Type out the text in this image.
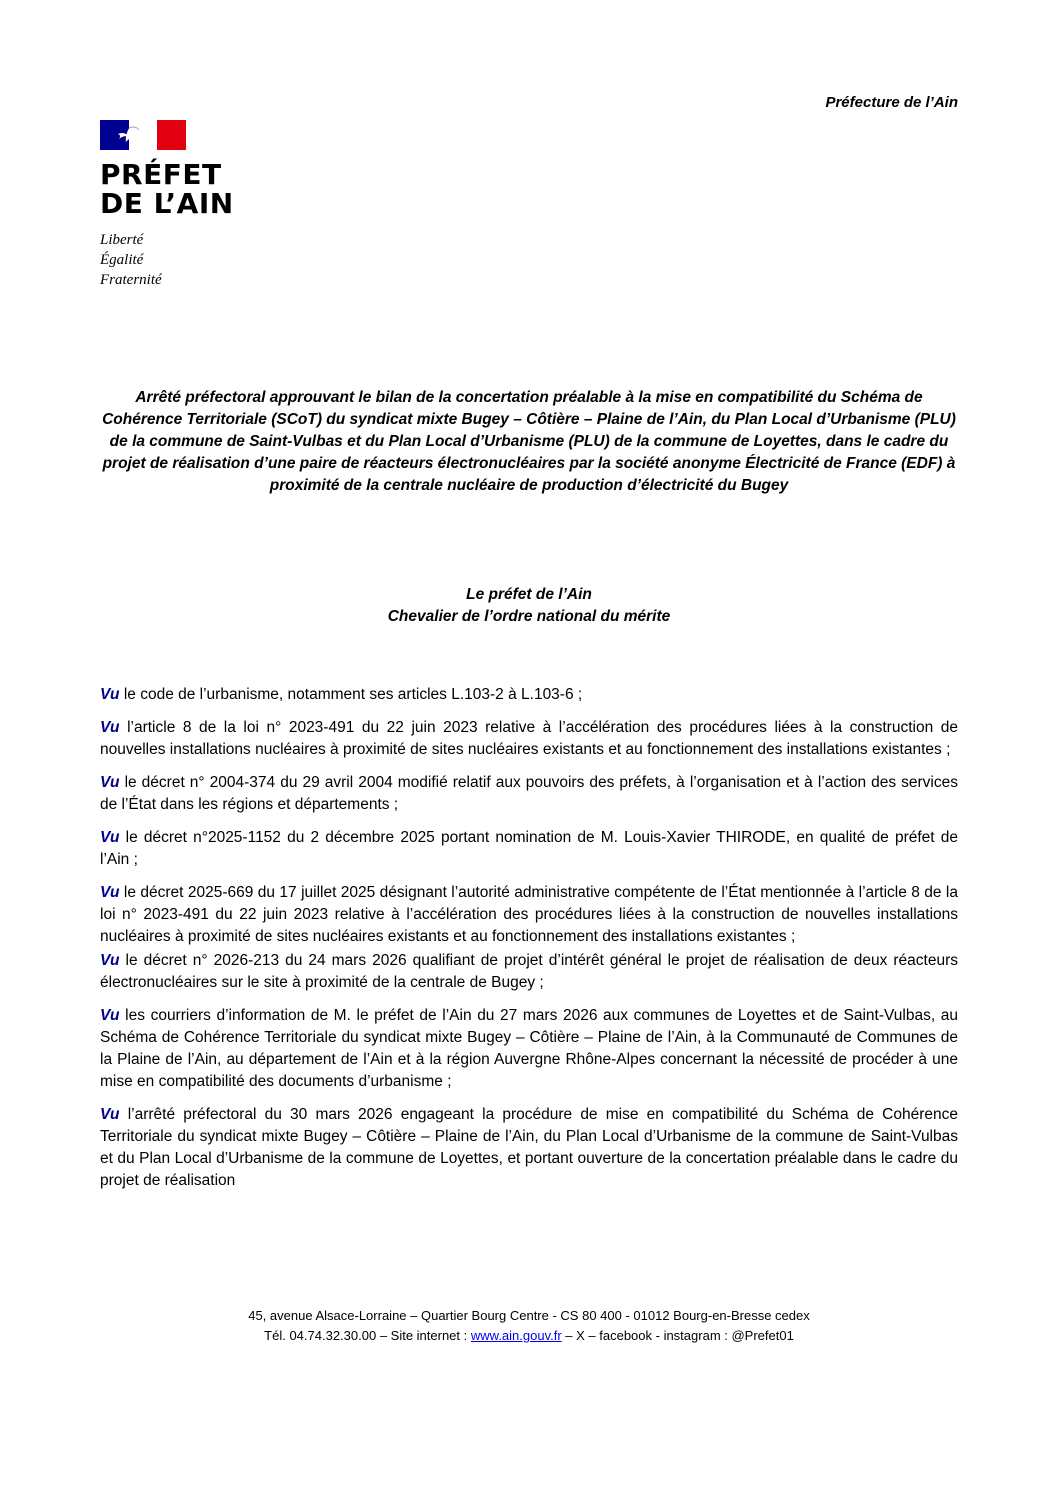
Préfecture de l’Ain
PRÉFET
DE L’AIN
Liberté
Égalité
Fraternité
Arrêté préfectoral approuvant le bilan de la concertation préalable à la mise en compatibilité du Schéma de Cohérence Territoriale (SCoT) du syndicat mixte Bugey – Côtière – Plaine de l’Ain, du Plan Local d’Urbanisme (PLU) de la commune de Saint-Vulbas et du Plan Local d’Urbanisme (PLU) de la commune de Loyettes, dans le cadre du projet de réalisation d’une paire de réacteurs électronucléaires par la société anonyme Électricité de France (EDF) à proximité de la centrale nucléaire de production d’électricité du Bugey
Le préfet de l’Ain
Chevalier de l’ordre national du mérite

Vu le code de l’urbanisme, notamment ses articles L.103-2 à L.103-6 ;

Vu l’article 8 de la loi n° 2023-491 du 22 juin 2023 relative à l’accélération des procédures liées à la construction de nouvelles installations nucléaires à proximité de sites nucléaires existants et au fonctionnement des installations existantes ;

Vu le décret n° 2004-374 du 29 avril 2004 modifié relatif aux pouvoirs des préfets, à l’organisation et à l’action des services de l’État dans les régions et départements ;

Vu le décret n°2025-1152 du 2 décembre 2025 portant nomination de M. Louis-Xavier THIRODE, en qualité de préfet de l’Ain ;

Vu le décret 2025-669 du 17 juillet 2025 désignant l’autorité administrative compétente de l’État mentionnée à l’article 8 de la loi n° 2023-491 du 22 juin 2023 relative à l’accélération des procédures liées à la construction de nouvelles installations nucléaires à proximité de sites nucléaires existants et au fonctionnement des installations existantes ;

Vu le décret n° 2026-213 du 24 mars 2026 qualifiant de projet d’intérêt général le projet de réalisation de deux réacteurs électronucléaires sur le site à proximité de la centrale de Bugey ;

Vu les courriers d’information de M. le préfet de l’Ain du 27 mars 2026 aux communes de Loyettes et de Saint-Vulbas, au Schéma de Cohérence Territoriale du syndicat mixte Bugey – Côtière – Plaine de l’Ain, à la Communauté de Communes de la Plaine de l’Ain, au département de l’Ain et à la région Auvergne Rhône-Alpes concernant la nécessité de procéder à une mise en compatibilité des documents d’urbanisme ;

Vu l’arrêté préfectoral du 30 mars 2026 engageant la procédure de mise en compatibilité du Schéma de Cohérence Territoriale du syndicat mixte Bugey – Côtière – Plaine de l’Ain, du Plan Local d’Urbanisme de la commune de Saint-Vulbas et du Plan Local d’Urbanisme de la commune de Loyettes, et portant ouverture de la concertation préalable dans le cadre du projet de réalisation

45, avenue Alsace-Lorraine – Quartier Bourg Centre - CS 80 400 - 01012 Bourg-en-Bresse cedex
Tél. 04.74.32.30.00 – Site internet : www.ain.gouv.fr – X – facebook - instagram : @Prefet01
